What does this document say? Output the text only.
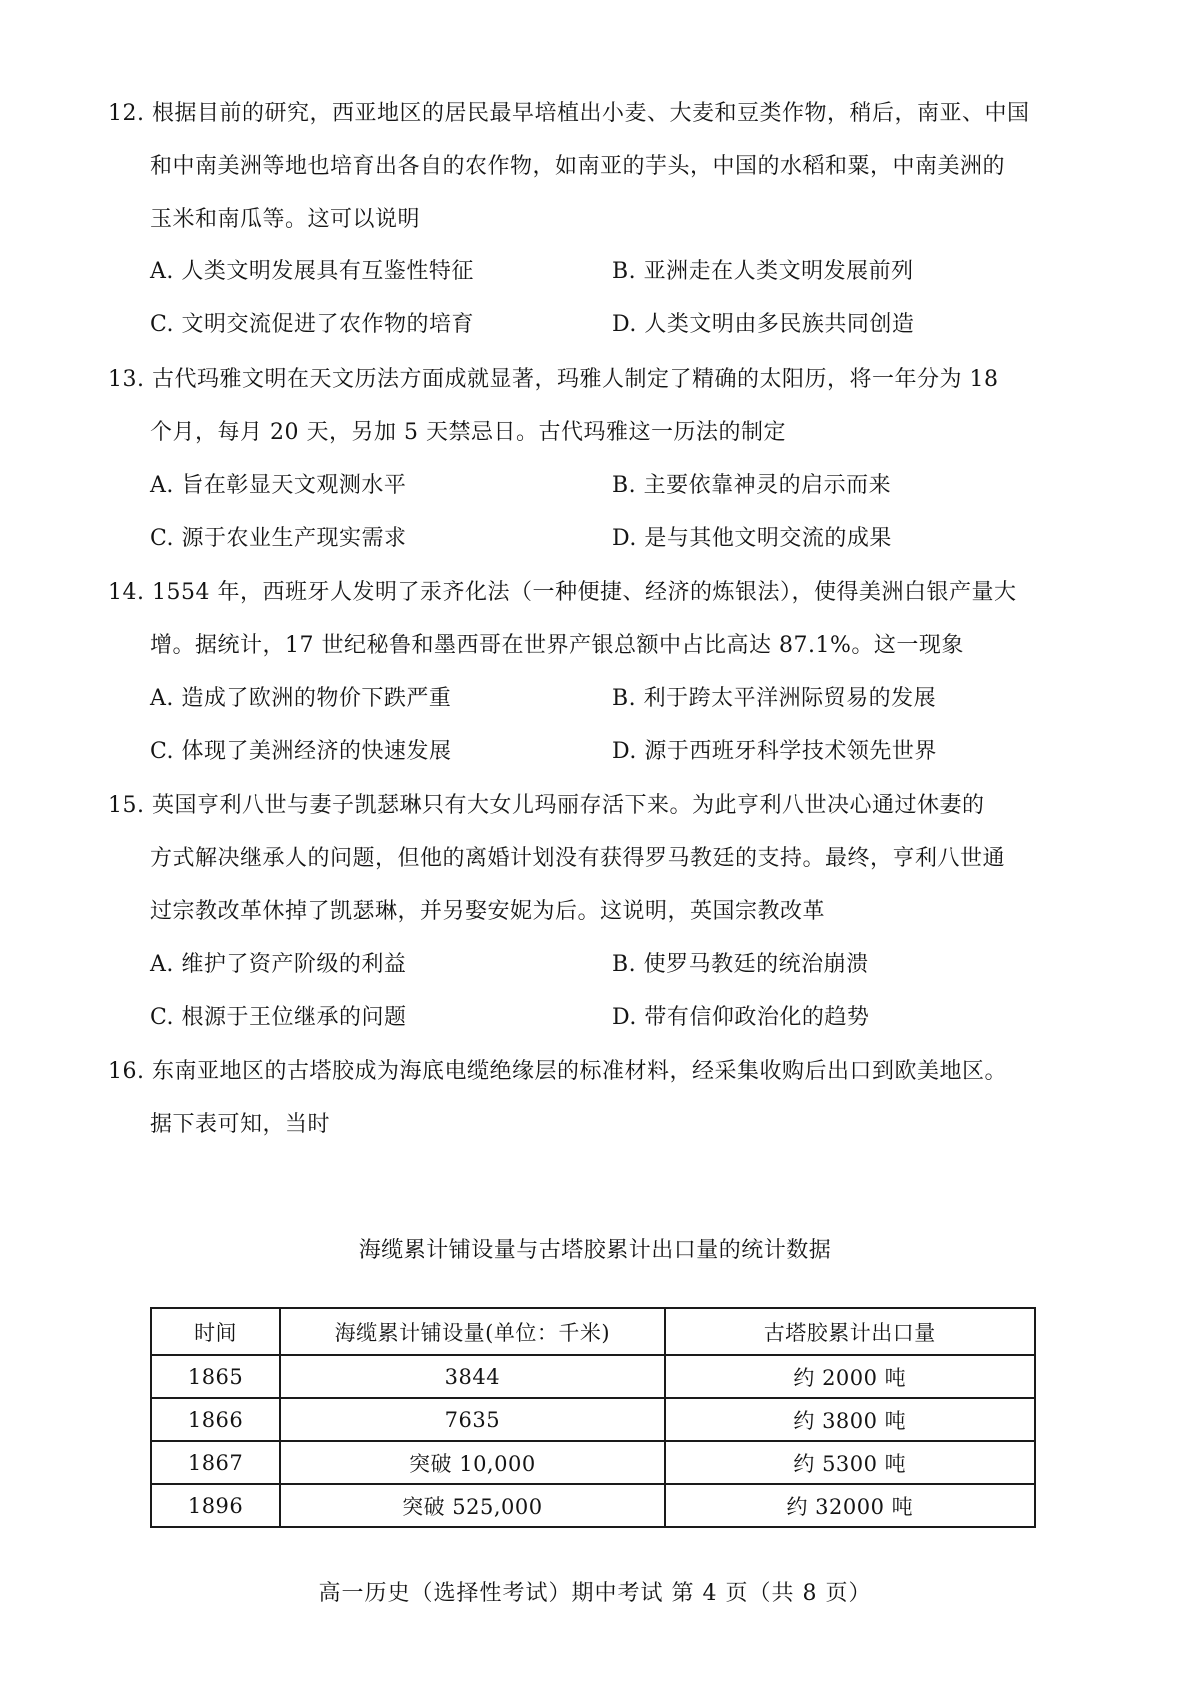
12. 根据目前的研究，西亚地区的居民最早培植出小麦、大麦和豆类作物，稍后，南亚、中国
和中南美洲等地也培育出各自的农作物，如南亚的芋头，中国的水稻和粟，中南美洲的
玉米和南瓜等。这可以说明
A. 人类文明发展具有互鉴性特征	B. 亚洲走在人类文明发展前列
C. 文明交流促进了农作物的培育	D. 人类文明由多民族共同创造
13. 古代玛雅文明在天文历法方面成就显著，玛雅人制定了精确的太阳历，将一年分为 18
个月，每月 20 天，另加 5 天禁忌日。古代玛雅这一历法的制定
A. 旨在彰显天文观测水平	B. 主要依靠神灵的启示而来
C. 源于农业生产现实需求	D. 是与其他文明交流的成果
14. 1554 年，西班牙人发明了汞齐化法（一种便捷、经济的炼银法），使得美洲白银产量大
增。据统计，17 世纪秘鲁和墨西哥在世界产银总额中占比高达 87.1%。这一现象
A. 造成了欧洲的物价下跌严重	B. 利于跨太平洋洲际贸易的发展
C. 体现了美洲经济的快速发展	D. 源于西班牙科学技术领先世界
15. 英国亨利八世与妻子凯瑟琳只有大女儿玛丽存活下来。为此亨利八世决心通过休妻的
方式解决继承人的问题，但他的离婚计划没有获得罗马教廷的支持。最终，亨利八世通
过宗教改革休掉了凯瑟琳，并另娶安妮为后。这说明，英国宗教改革
A. 维护了资产阶级的利益	B. 使罗马教廷的统治崩溃
C. 根源于王位继承的问题	D. 带有信仰政治化的趋势
16. 东南亚地区的古塔胶成为海底电缆绝缘层的标准材料，经采集收购后出口到欧美地区。
据下表可知，当时
海缆累计铺设量与古塔胶累计出口量的统计数据
时间	海缆累计铺设量(单位：千米)	古塔胶累计出口量
1865	3844	约 2000 吨
1866	7635	约 3800 吨
1867	突破 10,000	约 5300 吨
1896	突破 525,000	约 32000 吨
高一历史（选择性考试）期中考试 第 4 页（共 8 页）
